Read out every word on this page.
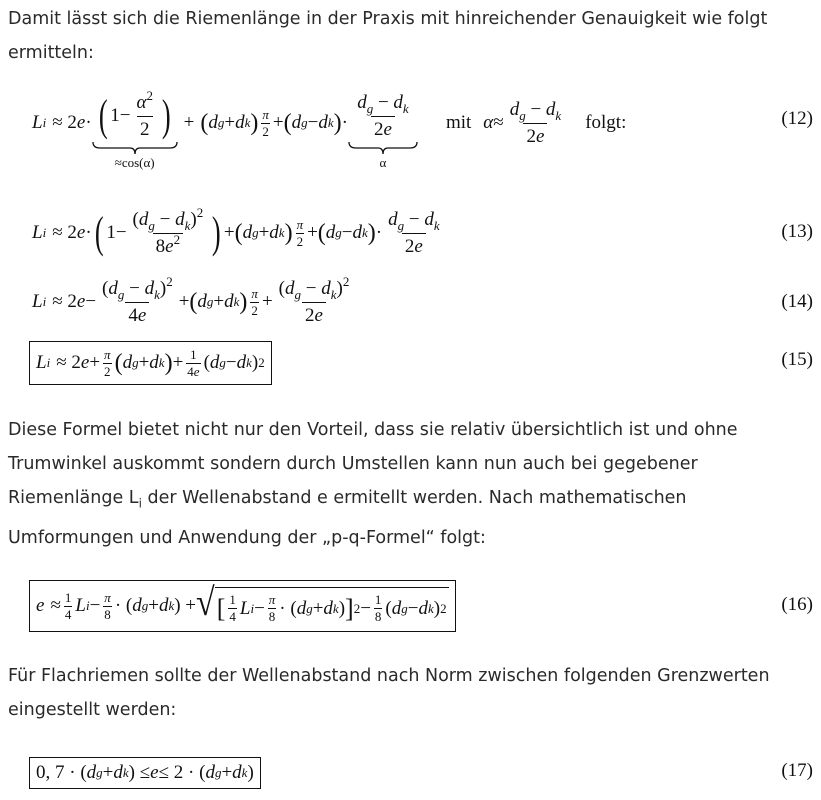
Damit lässt sich die Riemenlänge in der Praxis mit hinreichender Genauigkeit wie folgt
ermitteln:

L i ≈ 2 e · ( $1- \frac{\alpha^2}{2}$ )
≈cos(α)
+ ( d g + d k ) $\frac{\pi}{2}$ + ( d g − d k ) · $\frac{d_g - d_k}{2e}$
α
mit $\alpha \approx \frac{d_g - d_k}{2e} folgt$:	(12)
L i ≈ 2 e · ( $1- \frac{(d_g - d_k)^2}{8e^2}$ ) + ( d g + d k ) $\frac{\pi}{2}$ + ( d g − d k ) · $\frac{d_g - d_k}{2e}$	(13)
L i ≈ 2 $e - \frac{(d_g - d_k)^2}{4e}$ + ( d g + d k ) $\frac{\pi}{2} + \frac{(d_g - d_k)^2}{2e}$	(14)
L i ≈ 2 $e + \frac{\pi}{2}$ ( d g + d k ) + $\frac{1}{4e}$ ( d g − d k ) 2	(15)
Diese Formel bietet nicht nur den Vorteil, dass sie relativ übersichtlich ist und ohne
Trumwinkel auskommt sondern durch Umstellen kann nun auch bei gegebener
Riemenlänge $L_i$ der Wellenabstand e ermitellt werden. Nach mathematischen
Umformungen und Anwendung der „p-q-Formel“ folgt:
$e \approx \frac{1}{4}$ L $i - \frac{\pi}{8}$ · ( d g + d k ) + √ [ $\frac{1}{4}$ L $i - \frac{\pi}{8}$ · ( d g + d k ) ] $2 - \frac{1}{8}$ ( d g − d k ) 2	(16)
Für Flachriemen sollte der Wellenabstand nach Norm zwischen folgenden Grenzwerten
eingestellt werden:
0, 7 · ( d g + d k ) ≤ e ≤ 2 · ( d g + d k )	(17)
